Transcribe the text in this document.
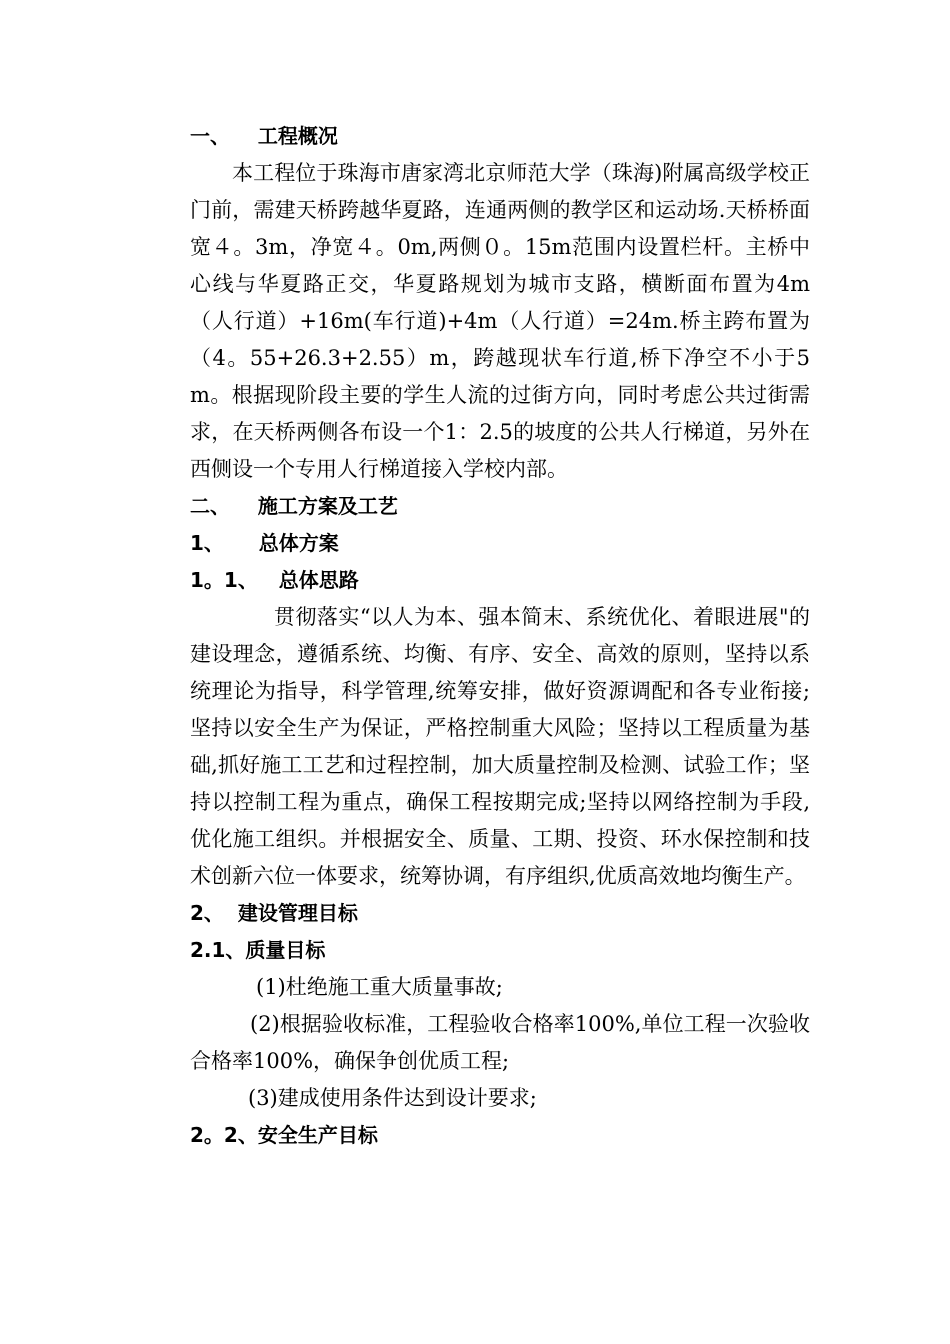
一、    工程概况

本工程位于珠海市唐家湾北京师范大学（珠海)附属高级学校正门前，需建天桥跨越华夏路，连通两侧的教学区和运动场.天桥桥面宽４。3m，净宽４。0m,两侧０。15m范围内设置栏杆。主桥中心线与华夏路正交，华夏路规划为城市支路，横断面布置为4m（人行道）+16m(车行道)+4m（人行道）=24m.桥主跨布置为（4。55+26.3+2.55）m，跨越现状车行道,桥下净空不小于5m。根据现阶段主要的学生人流的过街方向，同时考虑公共过街需求，在天桥两侧各布设一个1：2.5的坡度的公共人行梯道，另外在西侧设一个专用人行梯道接入学校内部。

二、    施工方案及工艺

1、     总体方案

1。1、   总体思路

贯彻落实“以人为本、强本简末、系统优化、着眼进展"的建设理念，遵循系统、均衡、有序、安全、高效的原则，坚持以系统理论为指导，科学管理,统筹安排，做好资源调配和各专业衔接;坚持以安全生产为保证，严格控制重大风险；坚持以工程质量为基础,抓好施工工艺和过程控制，加大质量控制及检测、试验工作；坚持以控制工程为重点，确保工程按期完成;坚持以网络控制为手段,优化施工组织。并根据安全、质量、工期、投资、环水保控制和技术创新六位一体要求，统筹协调，有序组织,优质高效地均衡生产。

2、  建设管理目标

2.1、质量目标

(1)杜绝施工重大质量事故;

(2)根据验收标准，工程验收合格率100%,单位工程一次验收合格率100%，确保争创优质工程;

(3)建成使用条件达到设计要求;

2。2、安全生产目标
